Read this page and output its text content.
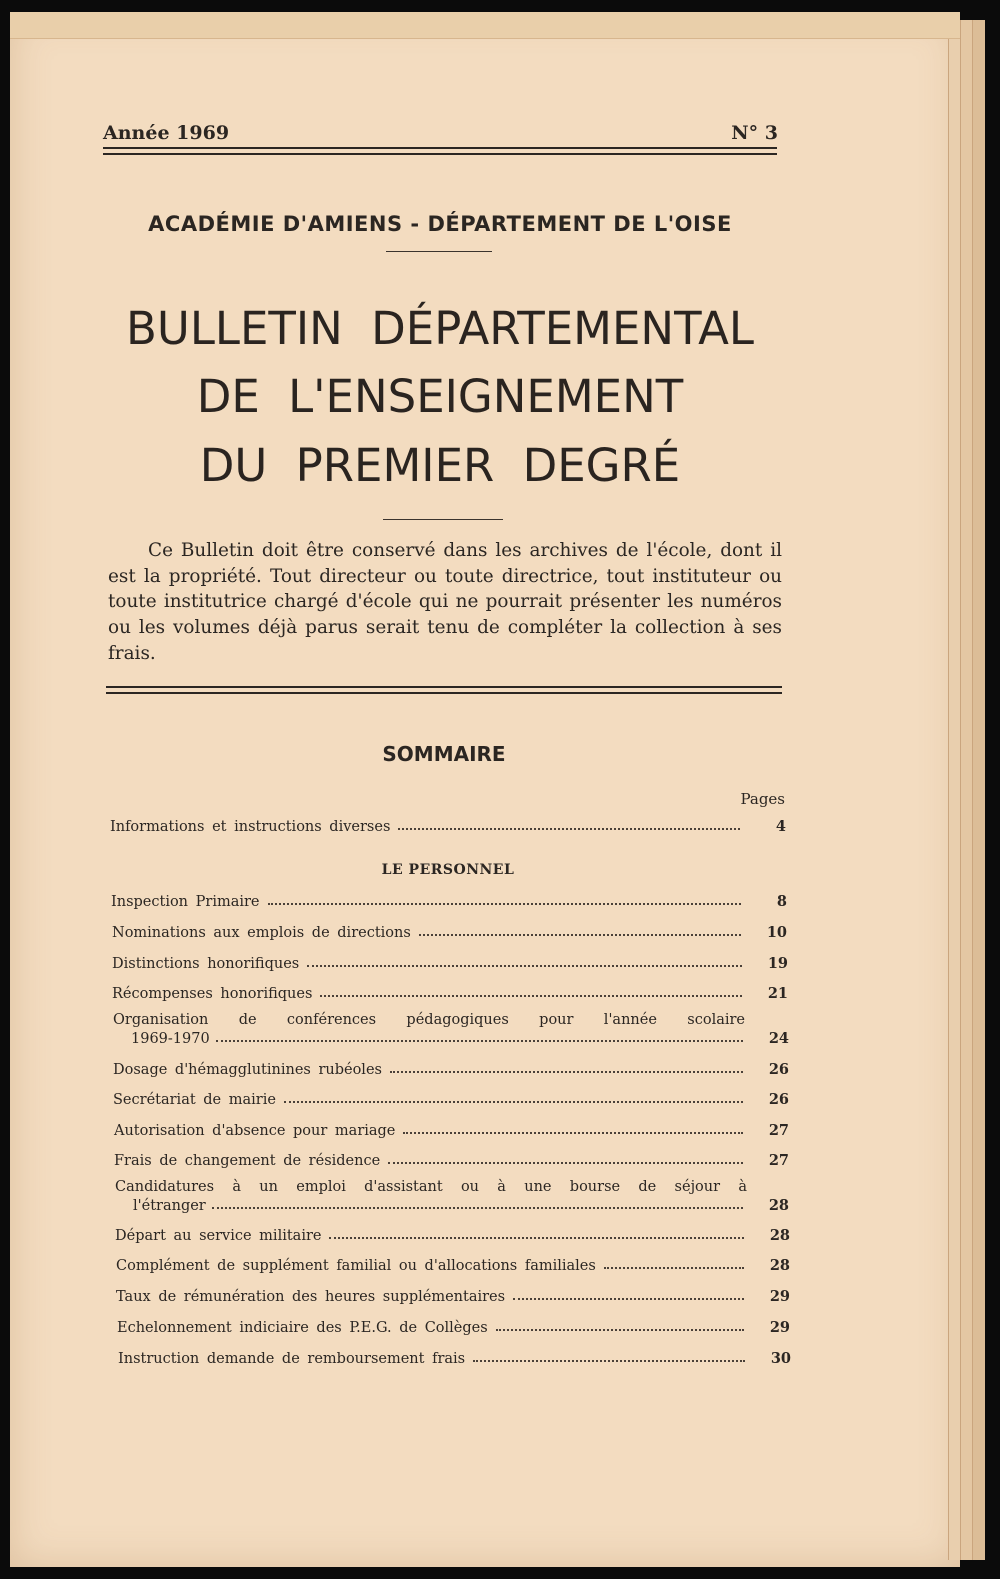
Année 1969	N° 3
ACADÉMIE D'AMIENS - DÉPARTEMENT DE L'OISE
BULLETIN DÉPARTEMENTAL
DE L'ENSEIGNEMENT
DU PREMIER DEGRÉ
Ce Bulletin doit être conservé dans les archives de l'école, dont il est la propriété. Tout directeur ou toute directrice, tout instituteur ou toute institutrice chargé d'école qui ne pourrait présenter les numéros ou les volumes déjà parus serait tenu de compléter la collection à ses frais.
SOMMAIRE
Pages
Informations et instructions diverses	4
LE PERSONNEL
Inspection Primaire	8
Nominations aux emplois de directions	10
Distinctions honorifiques	19
Récompenses honorifiques	21
Organisation de conférences pédagogiques pour l'année scolaire
1969-1970	24
Dosage d'hémagglutinines rubéoles	26
Secrétariat de mairie	26
Autorisation d'absence pour mariage	27
Frais de changement de résidence	27
Candidatures à un emploi d'assistant ou à une bourse de séjour à
l'étranger	28
Départ au service militaire	28
Complément de supplément familial ou d'allocations familiales	28
Taux de rémunération des heures supplémentaires	29
Echelonnement indiciaire des P.E.G. de Collèges	29
Instruction demande de remboursement frais	30
